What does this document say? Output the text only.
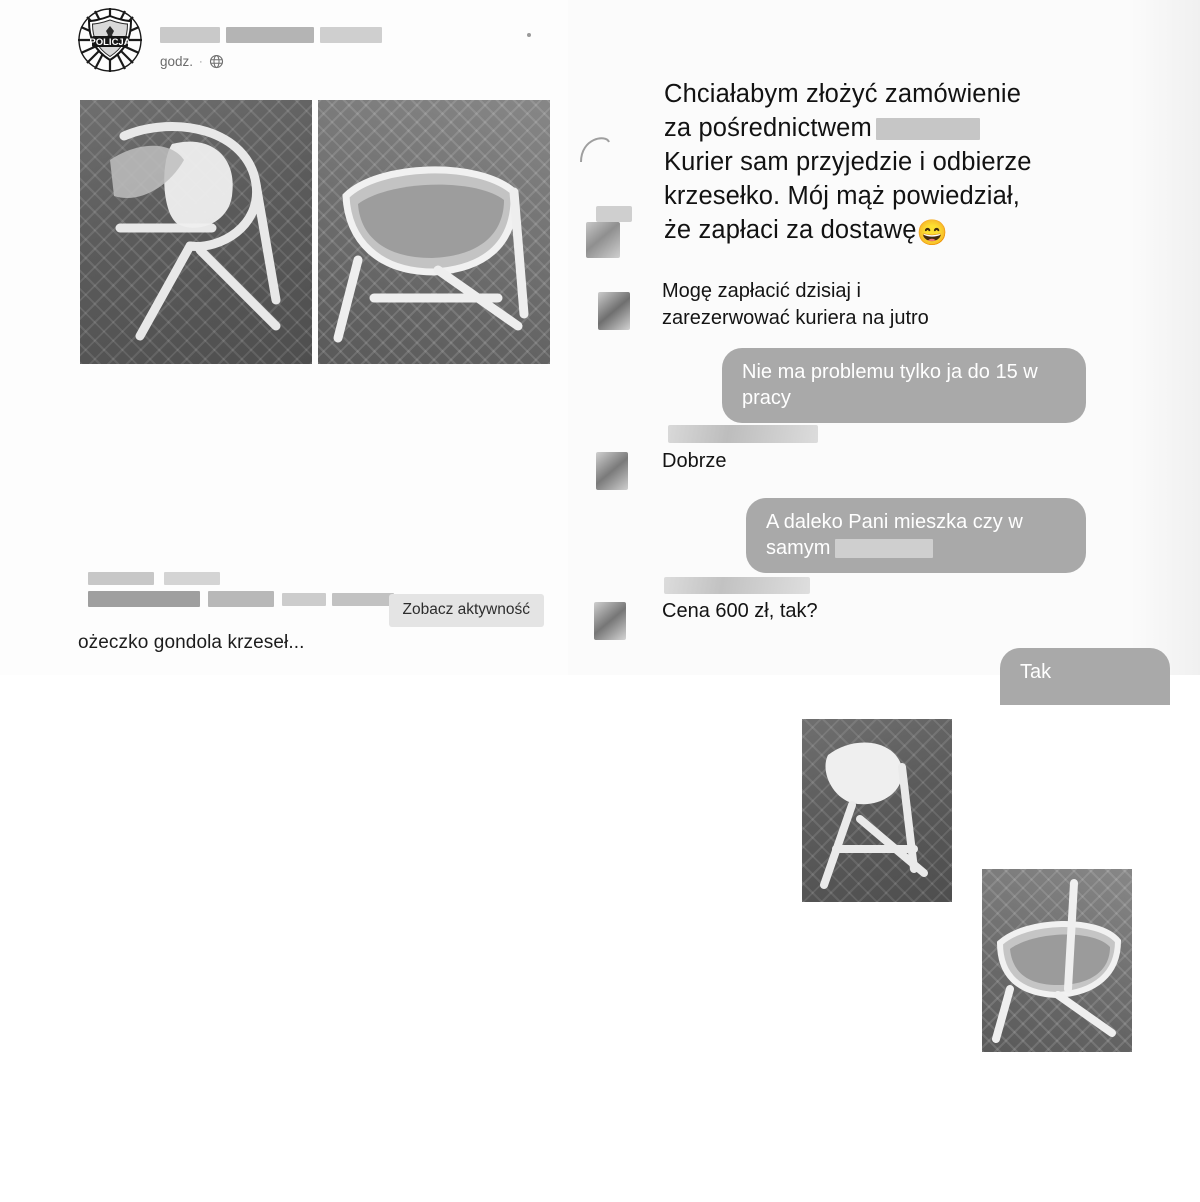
POLICJA
godz. ·
Zobacz aktywność
ożeczko gondola krzeseł...
Chciałabym złożyć zamówienie
za pośrednictwem
Kurier sam przyjedzie i odbierze
krzesełko. Mój mąż powiedział,
że zapłaci za dostawę😄
Mogę zapłacić dzisiaj i zarezerwować kuriera na jutro
Nie ma problemu tylko ja do 15 w pracy
Dobrze
A daleko Pani mieszka czy w samym
Cena 600 zł, tak?
Tak
